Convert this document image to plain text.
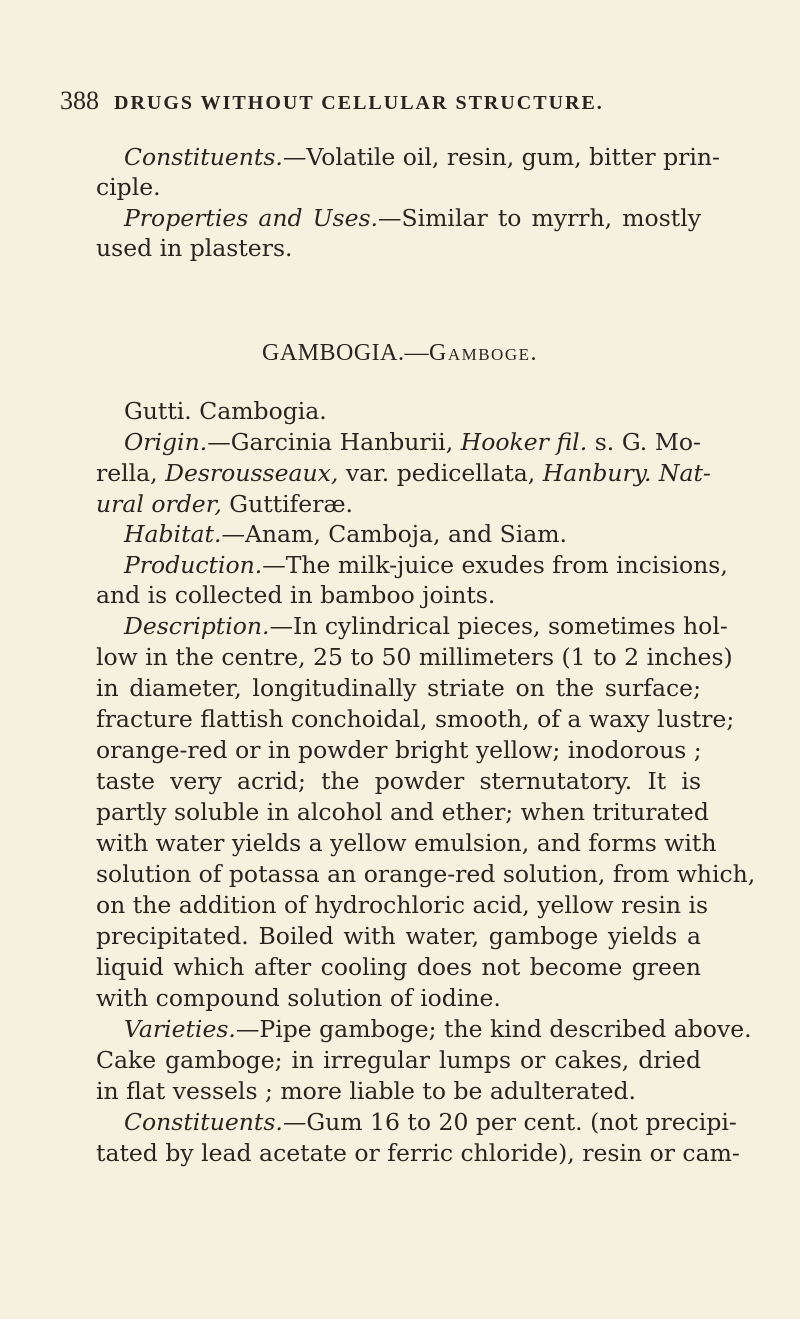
388 DRUGS WITHOUT CELLULAR STRUCTURE.
Constituents.—Volatile oil, resin, gum, bitter prin-
ciple.
Properties and Uses.—Similar to myrrh, mostly
used in plasters.
GAMBOGIA.—Gamboge.
Gutti. Cambogia.
Origin.—Garcinia Hanburii, Hooker fil. s. G. Mo-
rella, Desrousseaux, var. pedicellata, Hanbury. Nat-
ural order, Guttiferæ.
Habitat.—Anam, Camboja, and Siam.
Production.—The milk-juice exudes from incisions,
and is collected in bamboo joints.
Description.—In cylindrical pieces, sometimes hol-
low in the centre, 25 to 50 millimeters (1 to 2 inches)
in diameter, longitudinally striate on the surface;
fracture flattish conchoidal, smooth, of a waxy lustre;
orange-red or in powder bright yellow; inodorous ;
taste very acrid; the powder sternutatory. It is
partly soluble in alcohol and ether; when triturated
with water yields a yellow emulsion, and forms with
solution of potassa an orange-red solution, from which,
on the addition of hydrochloric acid, yellow resin is
precipitated. Boiled with water, gamboge yields a
liquid which after cooling does not become green
with compound solution of iodine.
Varieties.—Pipe gamboge; the kind described above.
Cake gamboge; in irregular lumps or cakes, dried
in flat vessels ; more liable to be adulterated.
Constituents.—Gum 16 to 20 per cent. (not precipi-
tated by lead acetate or ferric chloride), resin or cam-
